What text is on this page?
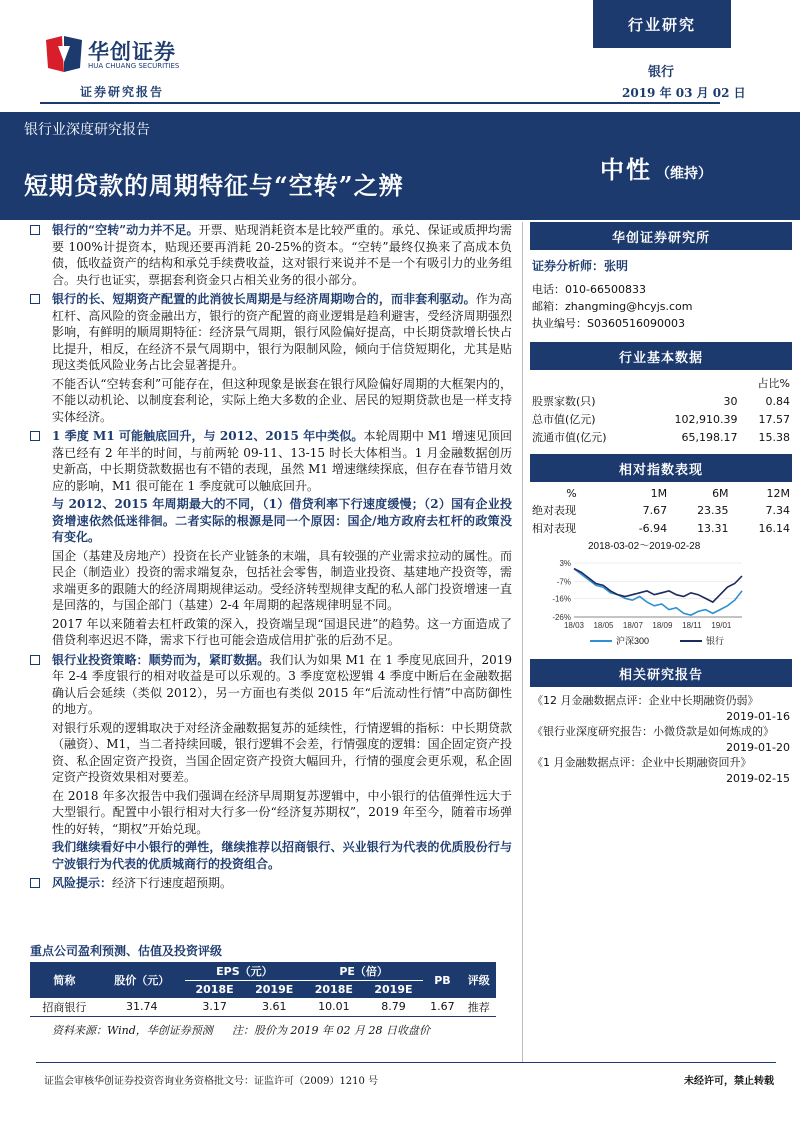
华创证券
HUA CHUANG SECURITIES
证券研究报告
行业研究
银行
2019 年 03 月 02 日
银行业深度研究报告
短期贷款的周期特征与“空转”之辨
中性 （维持）
银行的“空转”动力并不足。开票、贴现消耗资本是比较严重的。承兑、保证或质押均需要 100%计提资本，贴现还要再消耗 20-25%的资本。“空转”最终仅换来了高成本负债，低收益资产的结构和承兑手续费收益，这对银行来说并不是一个有吸引力的业务组合。央行也证实，票据套利资金只占相关业务的很小部分。
银行的长、短期资产配置的此消彼长周期是与经济周期吻合的，而非套利驱动。作为高杠杆、高风险的资金融出方，银行的资产配置的商业逻辑是趋利避害，受经济周期强烈影响，有鲜明的顺周期特征：经济景气周期，银行风险偏好提高，中长期贷款增长快占比提升，相反，在经济不景气周期中，银行为限制风险，倾向于信贷短期化，尤其是贴现这类低风险业务占比会显著提升。
不能否认“空转套利”可能存在，但这种现象是嵌套在银行风险偏好周期的大框架内的，不能以动机论、以制度套利论，实际上绝大多数的企业、居民的短期贷款也是一样支持实体经济。
1 季度 M1 可能触底回升，与 2012、2015 年中类似。本轮周期中 M1 增速见顶回落已经有 2 年半的时间，与前两轮 09-11、13-15 时长大体相当。1 月金融数据创历史新高，中长期贷款数据也有不错的表现，虽然 M1 增速继续探底，但存在春节错月效应的影响，M1 很可能在 1 季度就可以触底回升。
与 2012、2015 年周期最大的不同，（1）借贷利率下行速度缓慢；（2）国有企业投资增速依然低迷徘徊。二者实际的根源是同一个原因：国企/地方政府去杠杆的政策没有变化。
国企（基建及房地产）投资在长产业链条的末端，具有较强的产业需求拉动的属性。而民企（制造业）投资的需求端复杂，包括社会零售，制造业投资、基建地产投资等，需求端更多的跟随大的经济周期规律运动。受经济转型规律支配的私人部门投资增速一直是回落的，与国企部门（基建）2-4 年周期的起落规律明显不同。
2017 年以来随着去杠杆政策的深入，投资端呈现“国退民进”的趋势。这一方面造成了借贷利率迟迟不降，需求下行也可能会造成信用扩张的后劲不足。
银行业投资策略：顺势而为，紧盯数据。我们认为如果 M1 在 1 季度见底回升，2019 年 2-4 季度银行的相对收益是可以乐观的。3 季度宽松逻辑 4 季度中断后在金融数据确认后会延续（类似 2012），另一方面也有类似 2015 年“后流动性行情”中高防御性的地方。
对银行乐观的逻辑取决于对经济金融数据复苏的延续性，行情逻辑的指标：中长期贷款（融资）、M1，当二者持续回暖，银行逻辑不会差，行情强度的逻辑：国企固定资产投资、私企固定资产投资，当国企固定资产投资大幅回升，行情的强度会更乐观，私企固定资产投资效果相对要差。
在 2018 年多次报告中我们强调在经济早周期复苏逻辑中，中小银行的估值弹性远大于大型银行。配置中小银行相对大行多一份“经济复苏期权”，2019 年至今，随着市场弹性的好转，“期权”开始兑现。
我们继续看好中小银行的弹性，继续推荐以招商银行、兴业银行为代表的优质股份行与宁波银行为代表的优质城商行的投资组合。
风险提示：经济下行速度超预期。
华创证券研究所
证券分析师：张明
电话：010-66500833
邮箱：zhangming@hcyjs.com
执业编号：S0360516090003
行业基本数据
		占比%
股票家数(只)	30	0.84
总市值(亿元)	102,910.39	17.57
流通市值(亿元)	65,198.17	15.38
相对指数表现
%	1M	6M	12M
绝对表现	7.67	23.35	7.34
相对表现	-6.94	13.31	16.14
2018-03-02～2019-02-28
3%
-7%
-16%
-26%
18/03 18/05 18/07 18/09 18/11 19/01
沪深300	银行
相关研究报告
《12 月金融数据点评：企业中长期融资仍弱》
2019-01-16
《银行业深度研究报告：小微贷款是如何炼成的》
2019-01-20
《1 月金融数据点评：企业中长期融资回升》
2019-02-15
重点公司盈利预测、估值及投资评级
简称	股价（元）	EPS（元）		PE（倍）		PB	评级
		2018E	2019E	2018E	2019E		
招商银行	31.74	3.17	3.61	10.01	8.79	1.67	推荐
资料来源：Wind，华创证券预测 注：股价为 2019 年 02 月 28 日收盘价
证监会审核华创证券投资咨询业务资格批文号：证监许可（2009）1210 号	未经许可，禁止转载
